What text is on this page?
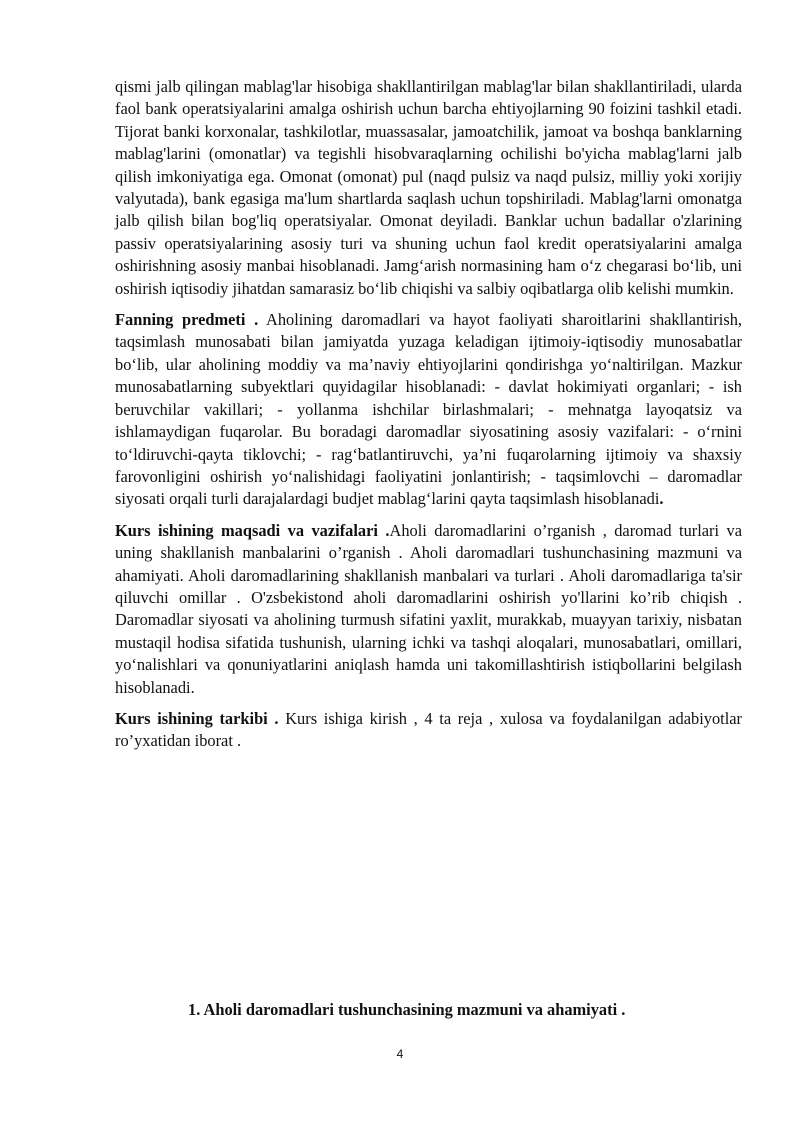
qismi jalb qilingan mablag'lar hisobiga shakllantirilgan mablag'lar bilan shakllantiriladi, ularda faol bank operatsiyalarini amalga oshirish uchun barcha ehtiyojlarning 90 foizini tashkil etadi. Tijorat banki korxonalar, tashkilotlar, muassasalar, jamoatchilik, jamoat va boshqa banklarning mablag'larini (omonatlar) va tegishli hisobvaraqlarning ochilishi bo'yicha mablag'larni jalb qilish imkoniyatiga ega. Omonat (omonat) pul (naqd pulsiz va naqd pulsiz, milliy yoki xorijiy valyutada), bank egasiga ma'lum shartlarda saqlash uchun topshiriladi. Mablag'larni omonatga jalb qilish bilan bog'liq operatsiyalar. Omonat deyiladi. Banklar uchun badallar o'zlarining passiv operatsiyalarining asosiy turi va shuning uchun faol kredit operatsiyalarini amalga oshirishning asosiy manbai hisoblanadi. Jamg‘arish normasining ham o‘z chegarasi bo‘lib, uni oshirish iqtisodiy jihatdan samarasiz bo‘lib chiqishi va salbiy oqibatlarga olib kelishi mumkin.

Fanning predmeti . Aholining daromadlari va hayot faoliyati sharoitlarini shakllantirish, taqsimlash munosabati bilan jamiyatda yuzaga keladigan ijtimoiy-iqtisodiy munosabatlar bo‘lib, ular aholining moddiy va ma’naviy ehtiyojlarini qondirishga yo‘naltirilgan. Mazkur munosabatlarning subyektlari quyidagilar hisoblanadi: - davlat hokimiyati organlari; - ish beruvchilar vakillari; - yollanma ishchilar birlashmalari; - mehnatga layoqatsiz va ishlamaydigan fuqarolar. Bu boradagi daromadlar siyosatining asosiy vazifalari: - o‘rnini to‘ldiruvchi-qayta tiklovchi; - rag‘batlantiruvchi, ya’ni fuqarolarning ijtimoiy va shaxsiy farovonligini oshirish yo‘nalishidagi faoliyatini jonlantirish; - taqsimlovchi – daromadlar siyosati orqali turli darajalardagi budjet mablag‘larini qayta taqsimlash hisoblanadi.

Kurs ishining maqsadi va vazifalari .Aholi daromadlarini o’rganish , daromad turlari va uning shakllanish manbalarini o’rganish . Aholi daromadlari tushunchasining mazmuni va ahamiyati. Aholi daromadlarining shakllanish manbalari va turlari . Aholi daromadlariga ta'sir qiluvchi omillar . O'zsbekistond aholi daromadlarini oshirish yo'llarini ko’rib chiqish . Daromadlar siyosati va aholining turmush sifatini yaxlit, murakkab, muayyan tarixiy, nisbatan mustaqil hodisa sifatida tushunish, ularning ichki va tashqi aloqalari, munosabatlari, omillari, yo‘nalishlari va qonuniyatlarini aniqlash hamda uni takomillashtirish istiqbollarini belgilash hisoblanadi.

Kurs ishining tarkibi . Kurs ishiga kirish , 4 ta reja , xulosa va foydalanilgan adabiyotlar ro’yxatidan iborat .

1. Aholi daromadlari tushunchasining mazmuni va ahamiyati .
4
